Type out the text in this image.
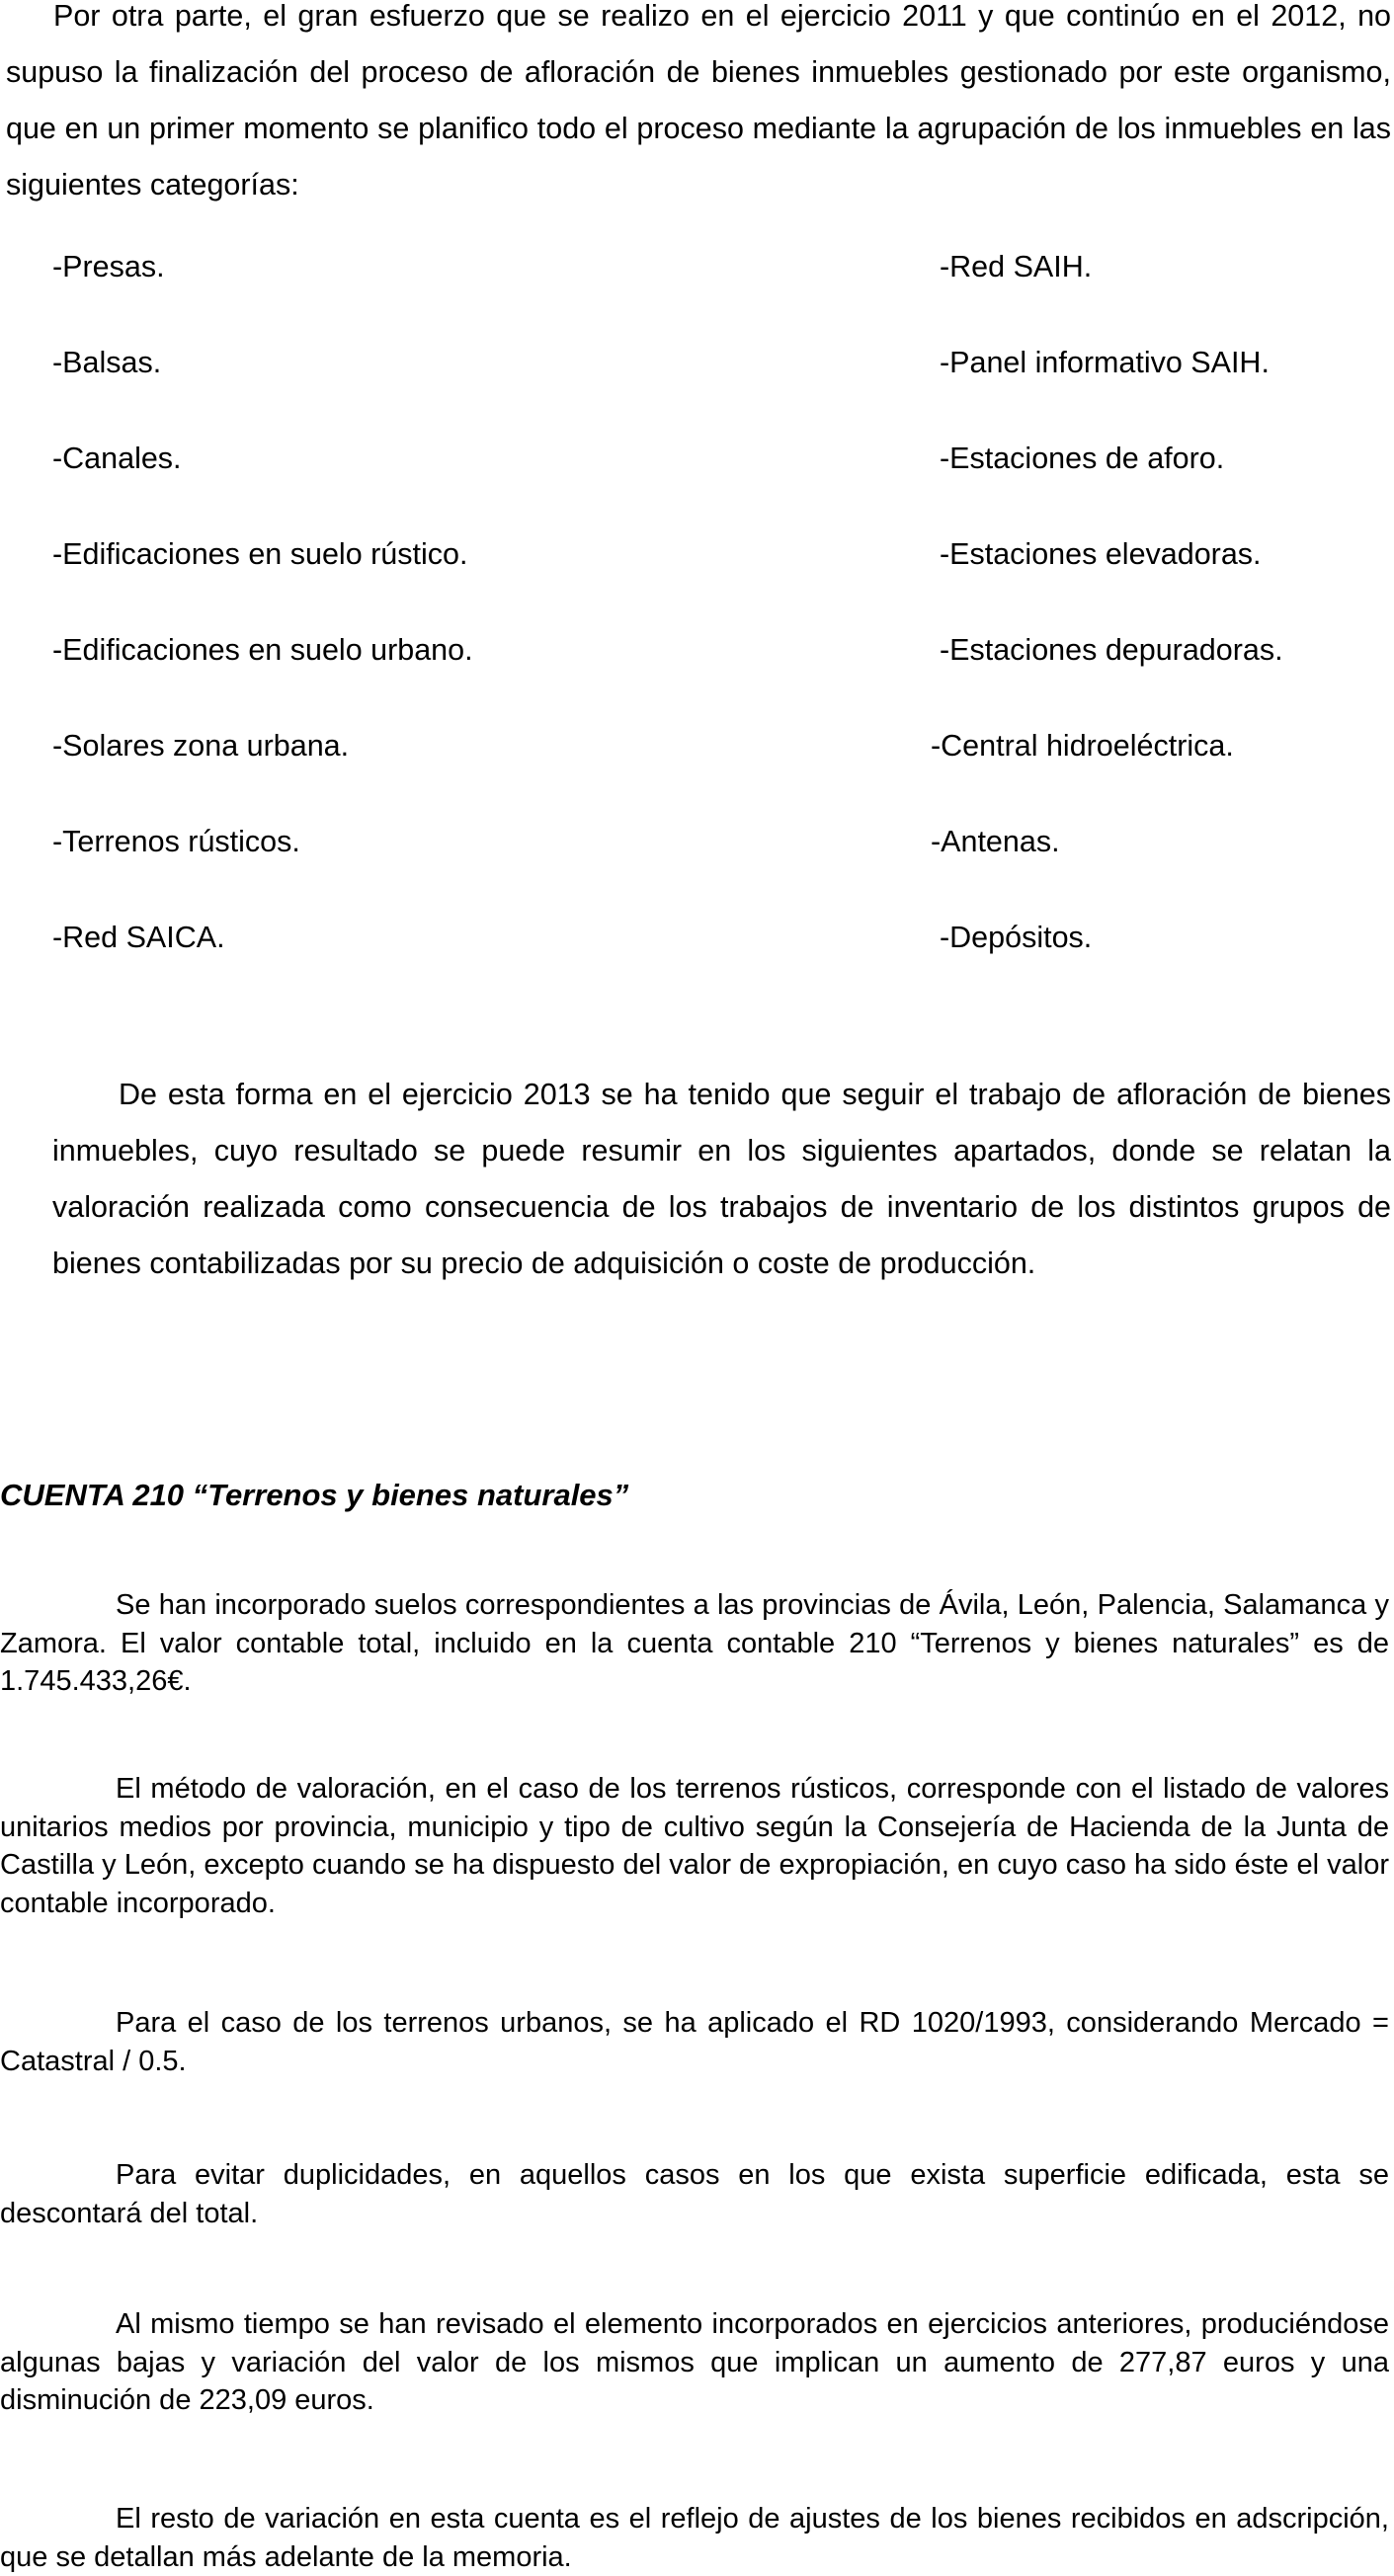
Por otra parte, el gran esfuerzo que se realizo en el ejercicio 2011 y que continúo en el 2012, no supuso la finalización del proceso de afloración de bienes inmuebles gestionado por este organismo, que en un primer momento se planifico todo el proceso mediante la agrupación de los inmuebles en las siguientes categorías:

-Presas.
-Balsas.
-Canales.
-Edificaciones en suelo rústico.
-Edificaciones en suelo urbano.
-Solares zona urbana.
-Terrenos rústicos.
-Red SAICA.
-Red SAIH.
-Panel informativo SAIH.
-Estaciones de aforo.
-Estaciones elevadoras.
-Estaciones depuradoras.
-Central hidroeléctrica.
-Antenas.
-Depósitos.

De esta forma en el ejercicio 2013 se ha tenido que seguir el trabajo de afloración de bienes inmuebles, cuyo resultado se puede resumir en los siguientes apartados, donde se relatan la valoración realizada como consecuencia de los trabajos de inventario de los distintos grupos de bienes contabilizadas por su precio de adquisición o coste de producción.

CUENTA 210 “Terrenos y bienes naturales”

Se han incorporado suelos correspondientes a las provincias de Ávila, León, Palencia, Salamanca y Zamora. El valor contable total, incluido en la cuenta contable 210 “Terrenos y bienes naturales” es de 1.745.433,26€.

El método de valoración, en el caso de los terrenos rústicos, corresponde con el listado de valores unitarios medios por provincia, municipio y tipo de cultivo según la Consejería de Hacienda de la Junta de Castilla y León, excepto cuando se ha dispuesto del valor de expropiación, en cuyo caso ha sido éste el valor contable incorporado.

Para el caso de los terrenos urbanos, se ha aplicado el RD 1020/1993, considerando Mercado = Catastral / 0.5.

Para evitar duplicidades, en aquellos casos en los que exista superficie edificada, esta se descontará del total.

Al mismo tiempo se han revisado el elemento incorporados en ejercicios anteriores, produciéndose algunas bajas y variación del valor de los mismos que implican un aumento de 277,87 euros y una disminución de 223,09 euros.

El resto de variación en esta cuenta es el reflejo de ajustes de los bienes recibidos en adscripción, que se detallan más adelante de la memoria.
